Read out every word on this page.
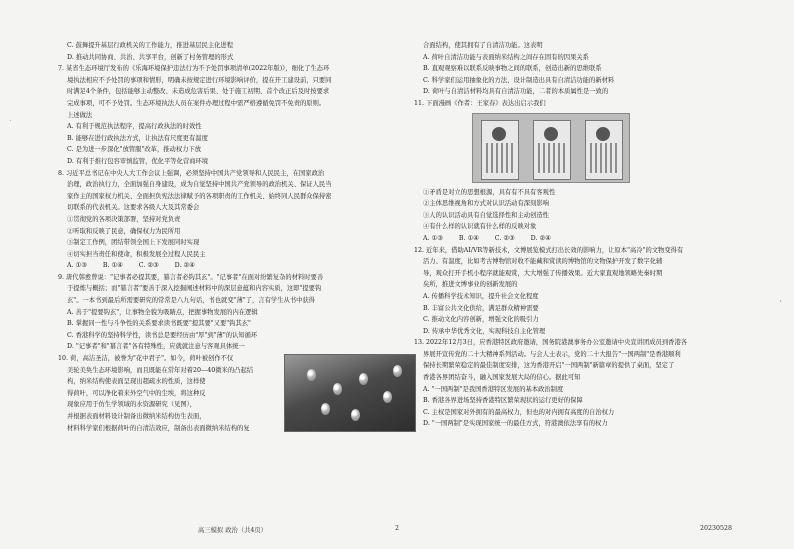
C. 鼓舞提升基层行政机关的工作能力，推进基层民主化进程
D. 推动共同协商、共治、共享平台，创新了村务管理的形式
7. 某省生态环境厅发布的《乐海环境保护违法行为不予处罚事项清单(2022年版)》，细化了生态环
境执法相应不予处罚的事项和情形，明确未按规定进行环境影响评价，提在开工建设前，只要同
时满足4个条件，包括能够主动整改、未造成危害后果、处于施工初期、首个改正后及时按要求
完成事项，可不予处罚。生态环境执法人员在案件办理过程中需严格遵循免罚不免责的原则。
上述做法
A. 有利于规范执法程序，提高行政执法的时效性
B. 能够在进行政执法方式，让执法有尺度更有温度
C. 是为进一步深化"放管服"改革，推动权力下放
D. 有利于推行包容审慎监管，优化平等化营商环境
8. 习近平总书记在中央人大工作会议上强调，必须坚持中国共产党领导和人民民主，在国家政治
治理，政治执行力，全面加强自身建设，成为自觉坚持中国共产党领导的政治机关、保证人民当
家作主的国家权力机关、全面担负宪法法律赋予的各项职责的工作机关、始终同人民群众保持密
切联系的代表机关。这要求各级人大及其常委会
①贯彻党的各项决策部署，坚持对党负责
②听取和反映了民意，确保权力为民所用
③制定工作例，团结带领全国上下发展同时实现
④切实担当责任和使命，积极发展全过程人民民主
A. ①③        B. ①④        C. ②③        D. ②④
9. 唐代韩愈曾说："记事者必提其要，纂言者必钩其玄"。"记事者"在面对纷繁复杂的材料时要善
于提炼与概括；而"纂言者"要善于深入挖掘阐述材料中的深层意蕴和内容实质，这即"提要钩
玄"。一本书到最后所需要研究的常常是八九句话，书也就变"薄"了，言有学生从书中获得
A. 善于"提要钩玄"，让事物全貌为吸睛点，把握事物发展的内在逻辑
B. 掌握同一性与斗争性的关系要求读书既要"提其要"又要"钩其玄"
C. 香港科学的坚持科学性，读书总是要经历由"厚"到"薄"的认知循环
D. "记事者"和"纂言者"各有特殊性，应就就注意与客观具体统一
10. 荷，高洁圣洁，被誉为"花中君子"。如今，荷叶被创作不仅
美轮美奂生态环境影响，而且既能在常年对着20—40微米的凸起结
构，纳米结构使表面呈现出超疏水的性质，这样使
得荷叶，可以净化着来外空气中的尘埃，将这种反
现象应用于仿生学领域的水资源研究（见图），
并根据表面材料设计制备出微纳米结构仿生表面，
材料科学家们根据荷叶的自清洁效应，制备出表面微纳米结构的复
合面结构，使其拥有了自清洁功能。这表明
A. 荷叶自清洁功能与表面纳米结构之间存在固有的因果关系
B. 直观观察难以联系反映事物之间的联系，创造出新的思维联系
C. 科学家们运用抽象化的方法，设计制造出具有自清洁功能的新材料
D. 荷叶与自清洁材料均具有自清洁功能，二者的本质属性是一致的
11. 下面漫画《作者：王家春》表达出启示我们
①矛盾是对立的思想根源，具有有不具有客观性
②主体思维视角和方式对认识活动有深刻影响
③人的认识活动具有自觉选择性和主动创造性
④有什么样的认识就有什么样的反映对象
A. ①③        B. ①④        C. ②③        D. ②④
12. 近年来，借助AI/VR等新技术，文博展览模式打出长效的影响力，让原本"高冷"的文物变得有
活力、有温度，比如考古博物馆对收不能藏和赏读的博物馆的文物保护开发了数字化辅
导，观众打开手机小程序就能观赏，大大增强了传播效果。近大家直观地领略先秦时期
矣所，推进文博事业的创新发展的
A. 传播科学技术知识，提升社会文化程度
B. 丰富公共文化供给，满足群众精神需要
C. 推动文化内容创新，增强文化的吸引力
D. 传承中华优秀文化，实现科技自主化管理
13. 2022年12月3日，应香港特区政府邀请，国务院港澳事务办公室邀请中央宣讲团成员到香港各
界展开宣传党的二十大精神系列活动。与会人士表示，党的二十大报告"一国两制"是香港顺利
保持长期繁荣稳定的最佳制度安排，这为香港开启"一国两制"新篇章的提供了桌面，坚定了
香港各界团结奋斗，融入国家发展大局的信心。据此可知
A. "一国两制"是我国香港特区发展的基本政治制度
B. 香港各界进场坚持香港特区繁荣现状的运行更好的保障
C. 主权是国家对外拥有的最高权力，但也的对内拥有高度的自治权力
D. "一国两制"是实现国家统一的最佳方式，符港澳依法享有的权力
高三模拟 政治（共4页）	2	20230528
